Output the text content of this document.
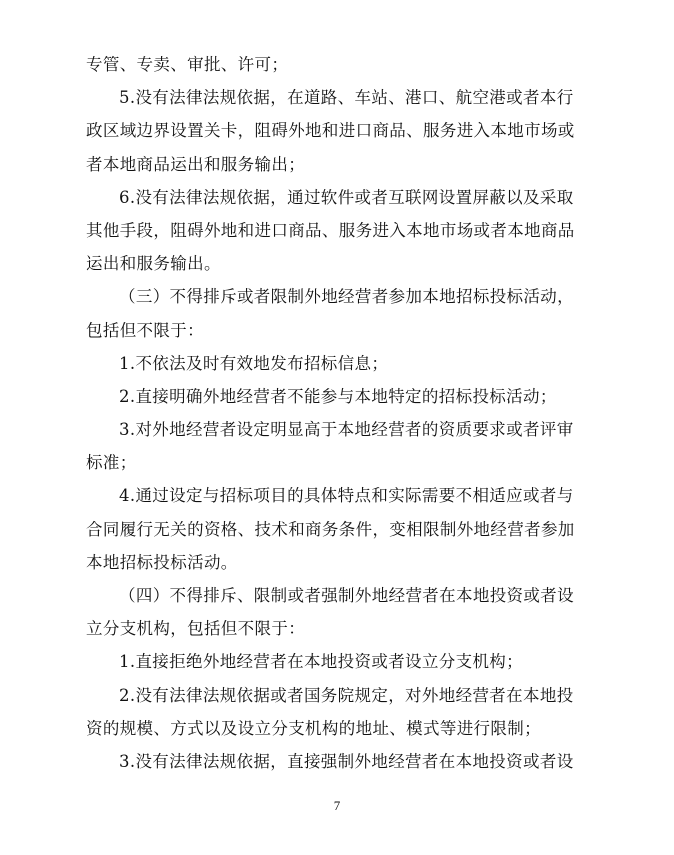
专管、专卖、审批、许可；
5.没有法律法规依据，在道路、车站、港口、航空港或者本行
政区域边界设置关卡，阻碍外地和进口商品、服务进入本地市场或
者本地商品运出和服务输出；
6.没有法律法规依据，通过软件或者互联网设置屏蔽以及采取
其他手段，阻碍外地和进口商品、服务进入本地市场或者本地商品
运出和服务输出。
（三）不得排斥或者限制外地经营者参加本地招标投标活动，
包括但不限于：
1.不依法及时有效地发布招标信息；
2.直接明确外地经营者不能参与本地特定的招标投标活动；
3.对外地经营者设定明显高于本地经营者的资质要求或者评审
标准；
4.通过设定与招标项目的具体特点和实际需要不相适应或者与
合同履行无关的资格、技术和商务条件，变相限制外地经营者参加
本地招标投标活动。
（四）不得排斥、限制或者强制外地经营者在本地投资或者设
立分支机构，包括但不限于：
1.直接拒绝外地经营者在本地投资或者设立分支机构；
2.没有法律法规依据或者国务院规定，对外地经营者在本地投
资的规模、方式以及设立分支机构的地址、模式等进行限制；
3.没有法律法规依据，直接强制外地经营者在本地投资或者设
7
